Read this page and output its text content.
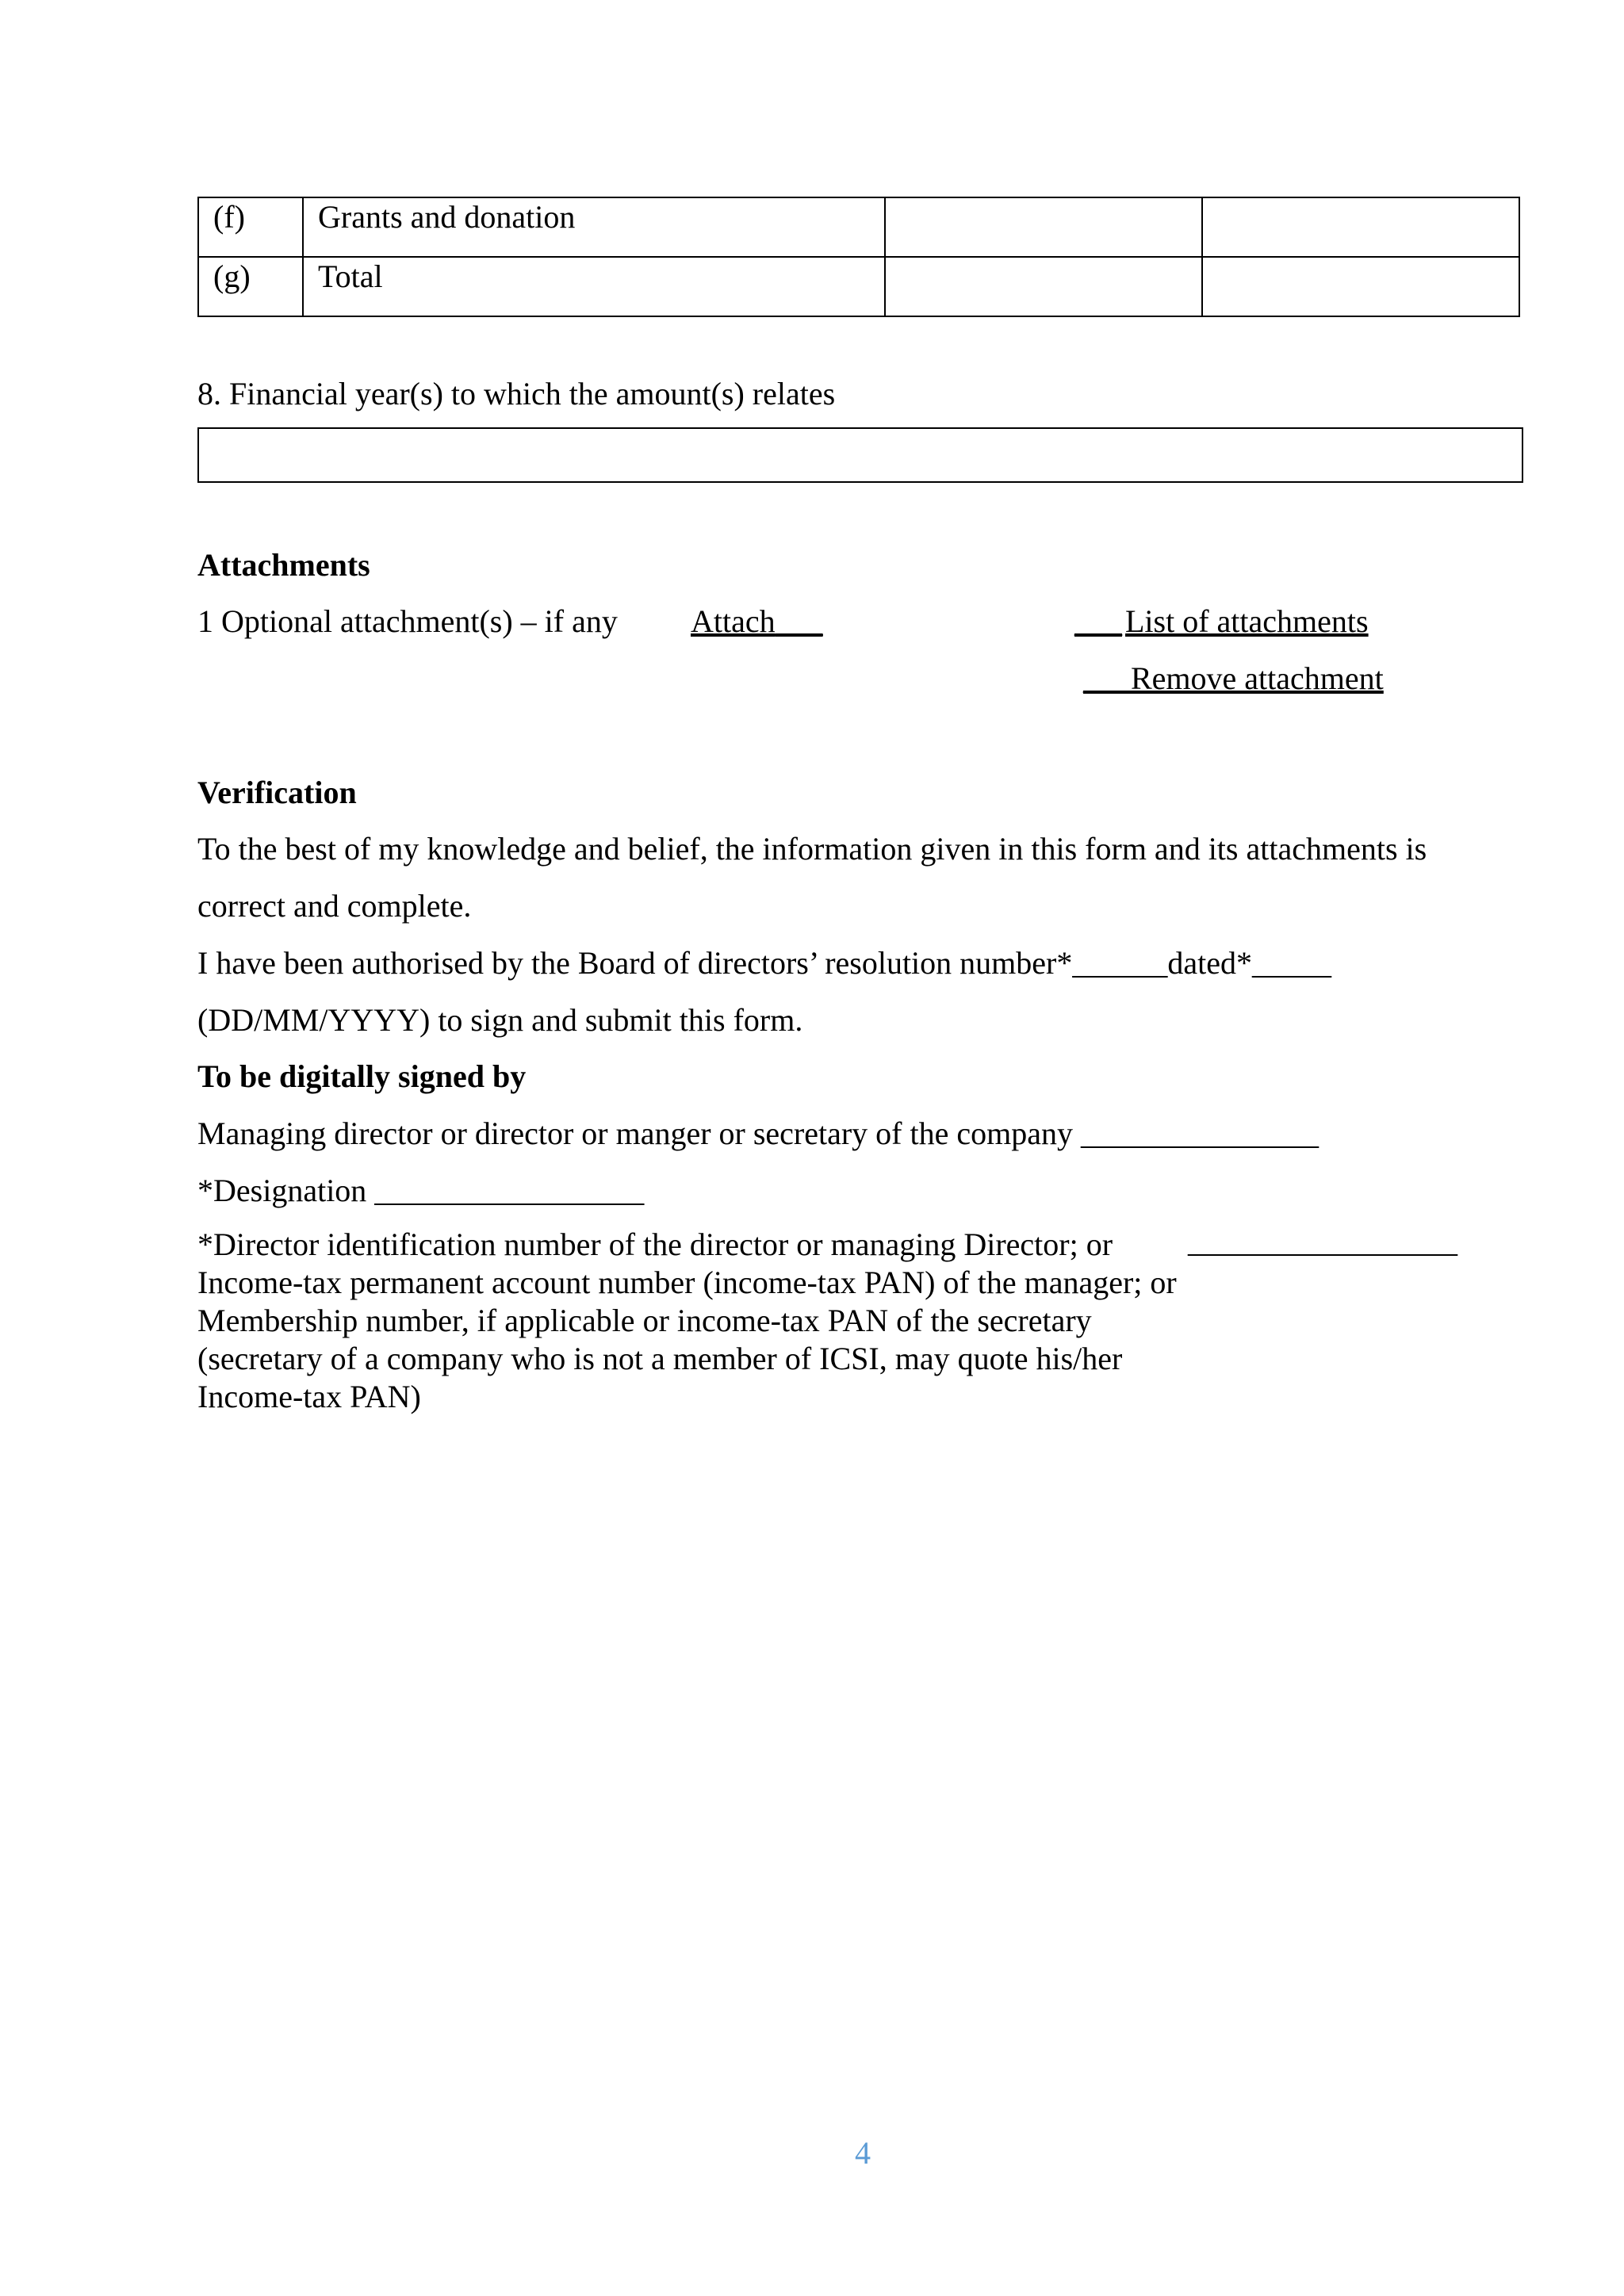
(f)	Grants and donation		
(g)	Total		
8. Financial year(s) to which the amount(s) relates
Attachments
1 Optional attachment(s) – if any Attach___	___ List of attachments
___Remove attachment
Verification
To the best of my knowledge and belief, the information given in this form and its attachments is
correct and complete.
I have been authorised by the Board of directors’ resolution number*______dated*_____
(DD/MM/YYYY) to sign and submit this form.
To be digitally signed by
Managing director or director or manger or secretary of the company _______________
*Designation _________________
*Director identification number of the director or managing Director; or
Income-tax permanent account number (income-tax PAN) of the manager; or
Membership number, if applicable or income-tax PAN of the secretary
(secretary of a company who is not a member of ICSI, may quote his/her
Income-tax PAN)
_________________
4
